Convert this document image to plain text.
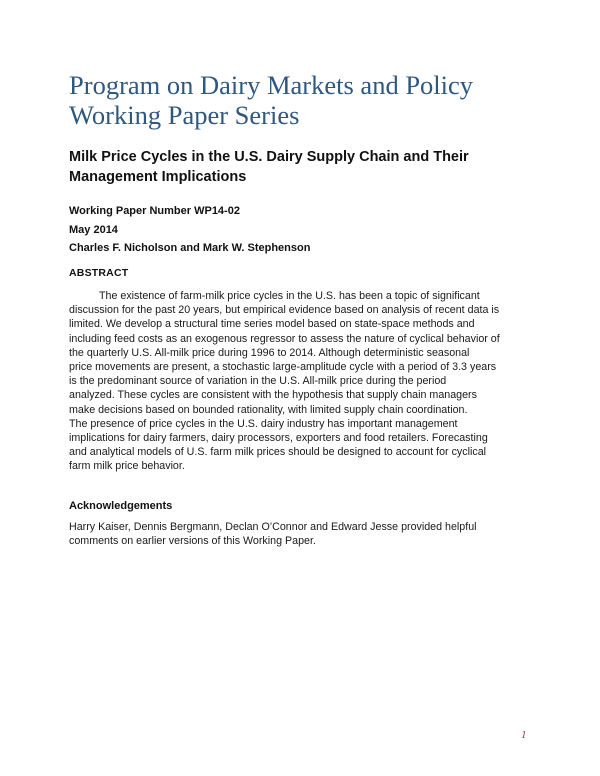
Program on Dairy Markets and Policy
Working Paper Series
Milk Price Cycles in the U.S. Dairy Supply Chain and Their
Management Implications
Working Paper Number WP14-02
May 2014
Charles F. Nicholson and Mark W. Stephenson
ABSTRACT
The existence of farm-milk price cycles in the U.S. has been a topic of significant
discussion for the past 20 years, but empirical evidence based on analysis of recent data is
limited. We develop a structural time series model based on state-space methods and
including feed costs as an exogenous regressor to assess the nature of cyclical behavior of
the quarterly U.S. All-milk price during 1996 to 2014. Although deterministic seasonal
price movements are present, a stochastic large-amplitude cycle with a period of 3.3 years
is the predominant source of variation in the U.S. All-milk price during the period
analyzed. These cycles are consistent with the hypothesis that supply chain managers
make decisions based on bounded rationality, with limited supply chain coordination.
The presence of price cycles in the U.S. dairy industry has important management
implications for dairy farmers, dairy processors, exporters and food retailers. Forecasting
and analytical models of U.S. farm milk prices should be designed to account for cyclical
farm milk price behavior.
Acknowledgements
Harry Kaiser, Dennis Bergmann, Declan O’Connor and Edward Jesse provided helpful
comments on earlier versions of this Working Paper.
1
